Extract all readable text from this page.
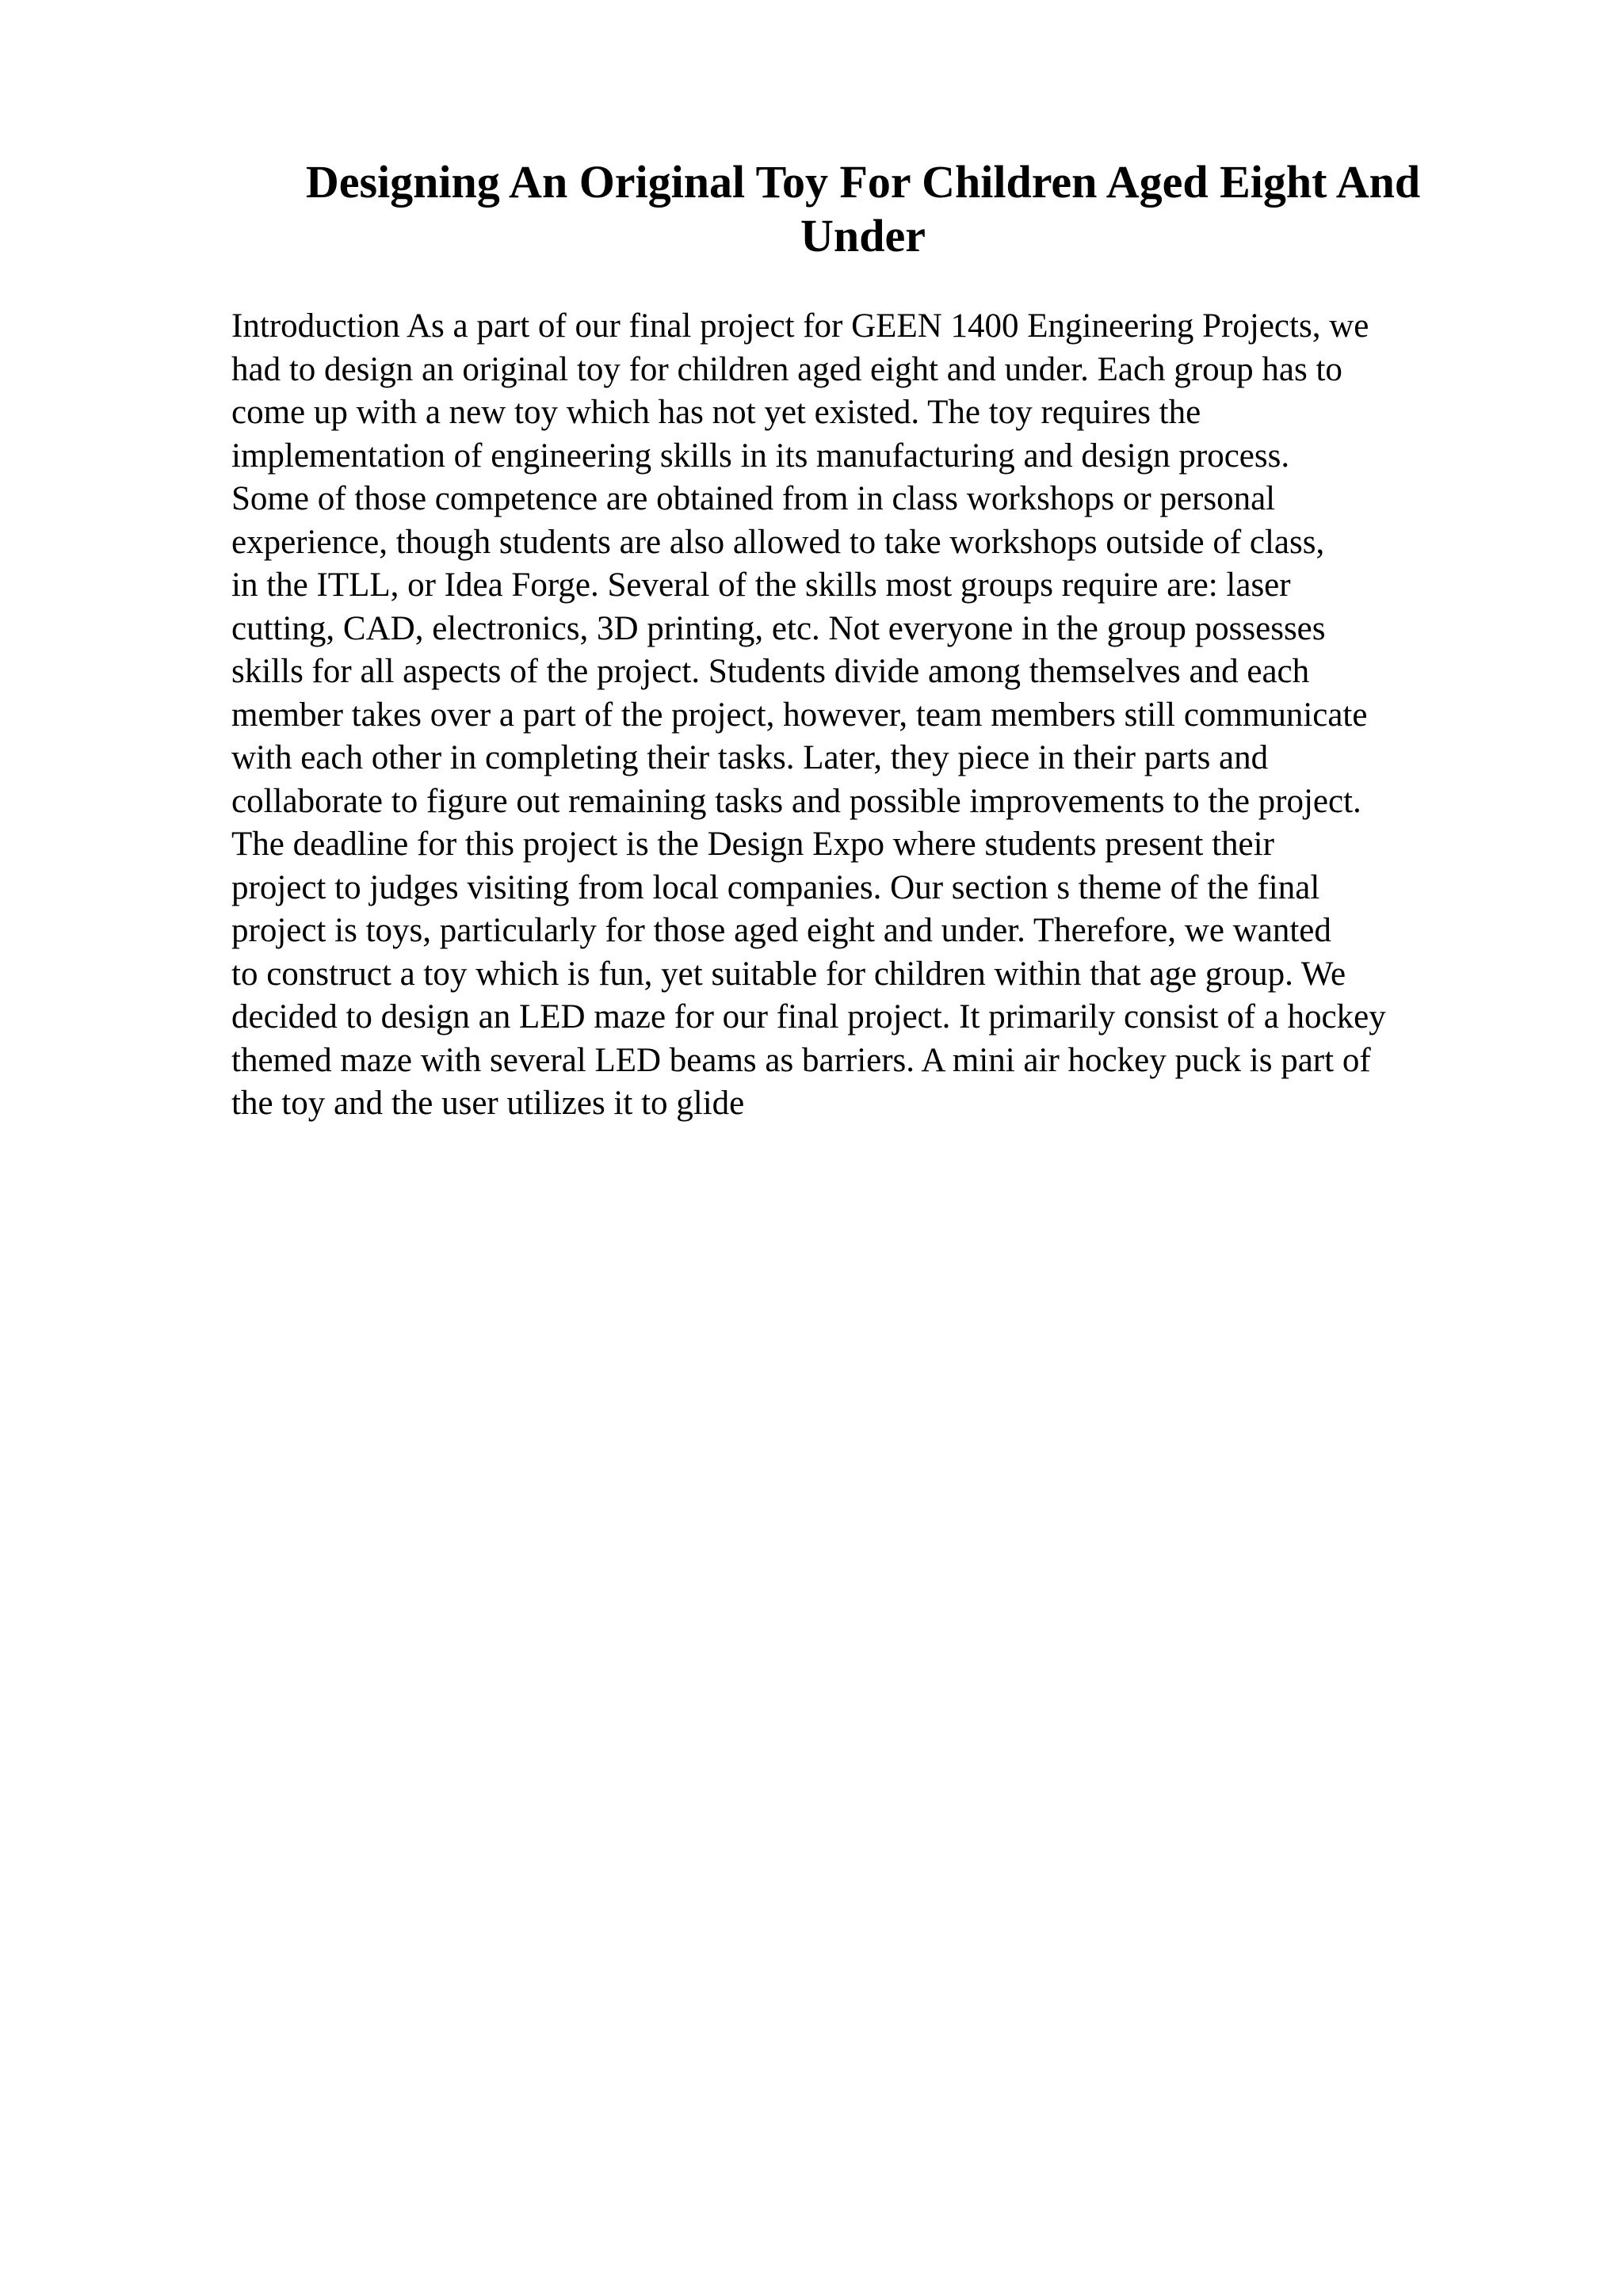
Designing An Original Toy For Children Aged Eight And
Under
Introduction As a part of our final project for GEEN 1400 Engineering Projects, we
had to design an original toy for children aged eight and under. Each group has to
come up with a new toy which has not yet existed. The toy requires the
implementation of engineering skills in its manufacturing and design process.
Some of those competence are obtained from in class workshops or personal
experience, though students are also allowed to take workshops outside of class,
in the ITLL, or Idea Forge. Several of the skills most groups require are: laser
cutting, CAD, electronics, 3D printing, etc. Not everyone in the group possesses
skills for all aspects of the project. Students divide among themselves and each
member takes over a part of the project, however, team members still communicate
with each other in completing their tasks. Later, they piece in their parts and
collaborate to figure out remaining tasks and possible improvements to the project.
The deadline for this project is the Design Expo where students present their
project to judges visiting from local companies. Our section s theme of the final
project is toys, particularly for those aged eight and under. Therefore, we wanted
to construct a toy which is fun, yet suitable for children within that age group. We
decided to design an LED maze for our final project. It primarily consist of a hockey
themed maze with several LED beams as barriers. A mini air hockey puck is part of
the toy and the user utilizes it to glide
